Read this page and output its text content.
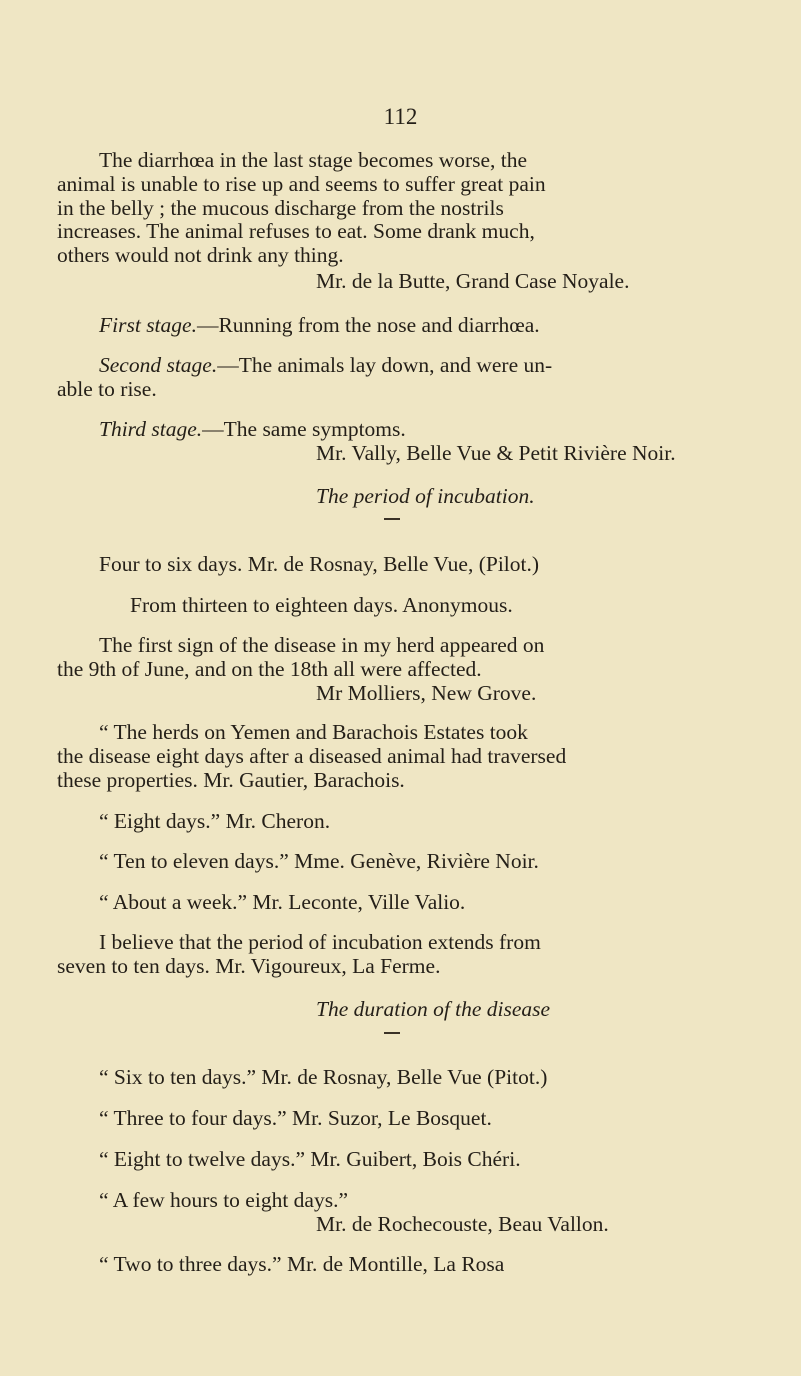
112

The diarrhœa in the last stage becomes worse, the

animal is unable to rise up and seems to suffer great pain

in the belly ; the mucous discharge from the nostrils

increases. The animal refuses to eat. Some drank much,

others would not drink any thing.

Mr. de la Butte, Grand Case Noyale.

First stage.—Running from the nose and diarrhœa.

Second stage.—The animals lay down, and were un-

able to rise.

Third stage.—The same symptoms.

Mr. Vally, Belle Vue & Petit Rivière Noir.

The period of incubation.

Four to six days. Mr. de Rosnay, Belle Vue, (Pilot.)

From thirteen to eighteen days. Anonymous.

The first sign of the disease in my herd appeared on

the 9th of June, and on the 18th all were affected.

Mr Molliers, New Grove.

“ The herds on Yemen and Barachois Estates took

the disease eight days after a diseased animal had traversed

these properties. Mr. Gautier, Barachois.

“ Eight days.” Mr. Cheron.

“ Ten to eleven days.” Mme. Genève, Rivière Noir.

“ About a week.” Mr. Leconte, Ville Valio.

I believe that the period of incubation extends from

seven to ten days. Mr. Vigoureux, La Ferme.

The duration of the disease

“ Six to ten days.” Mr. de Rosnay, Belle Vue (Pitot.)

“ Three to four days.” Mr. Suzor, Le Bosquet.

“ Eight to twelve days.” Mr. Guibert, Bois Chéri.

“ A few hours to eight days.”

Mr. de Rochecouste, Beau Vallon.

“ Two to three days.” Mr. de Montille, La Rosa
